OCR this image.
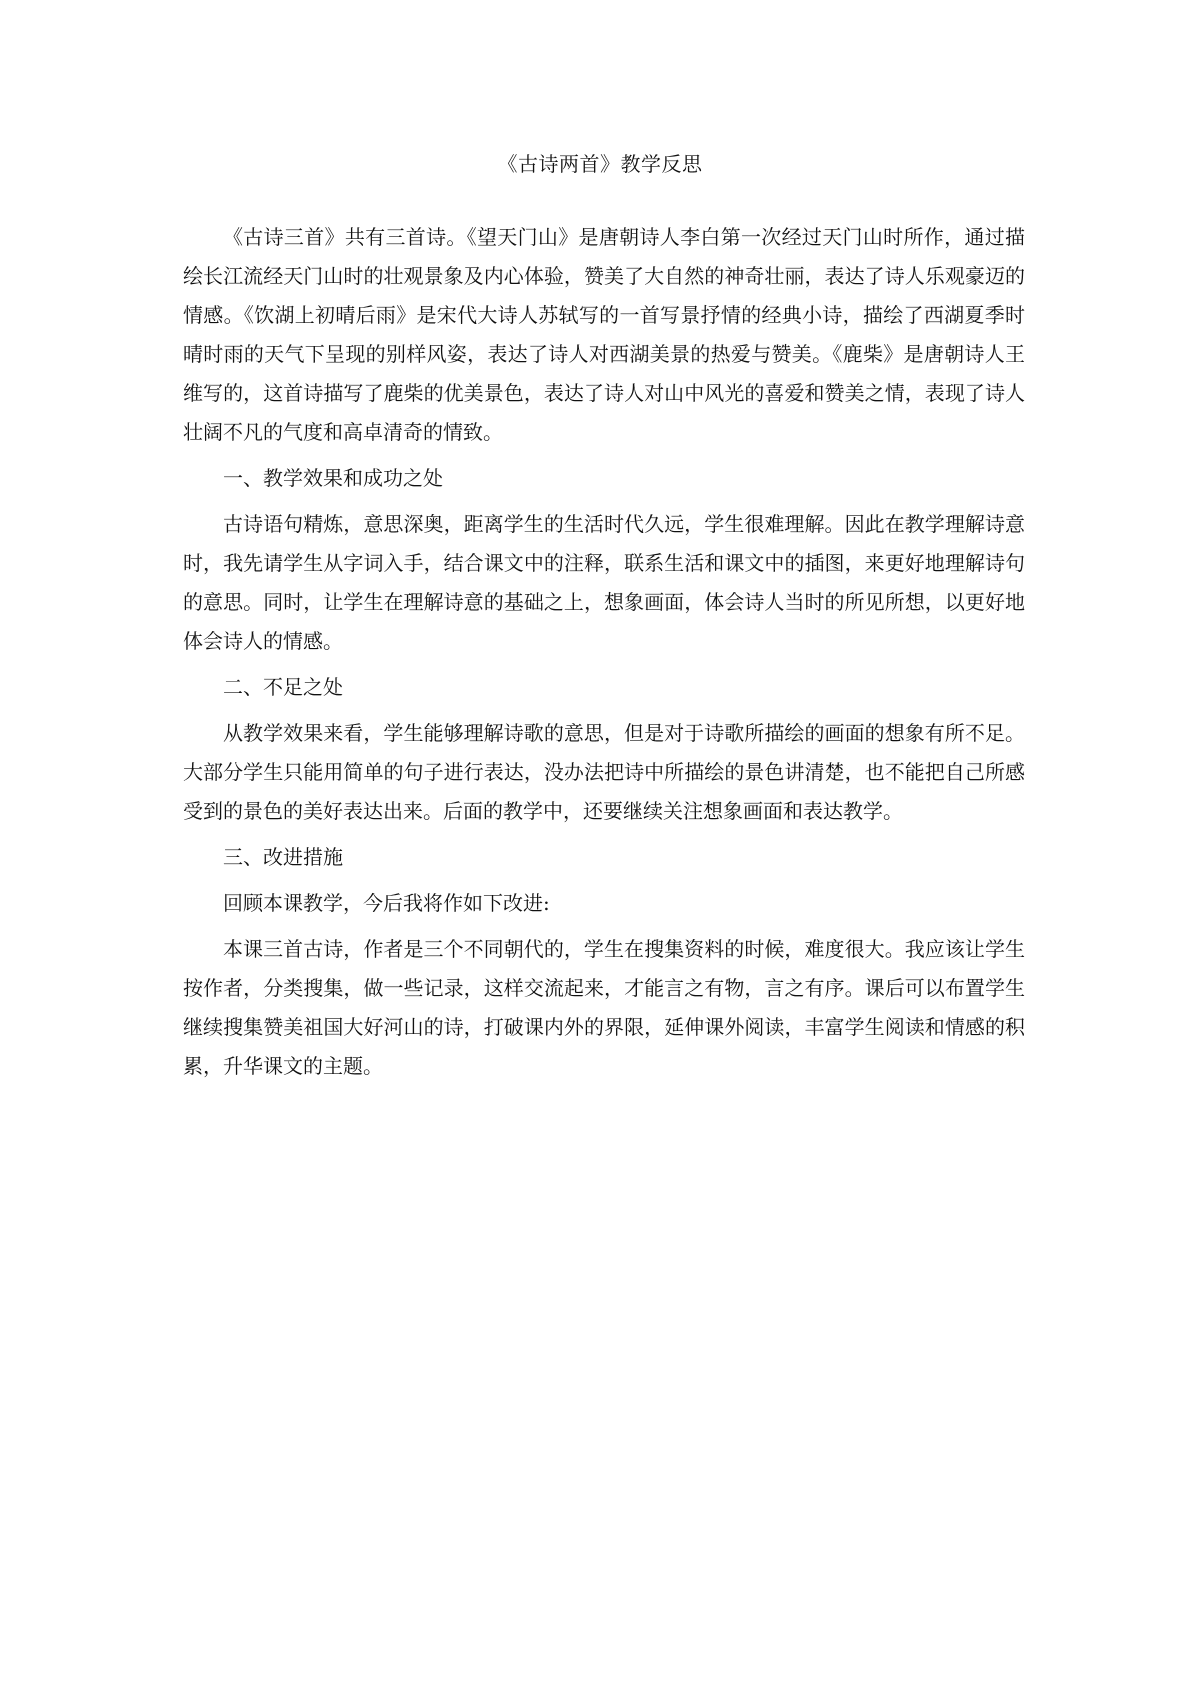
《古诗两首》教学反思

《古诗三首》共有三首诗。《望天门山》是唐朝诗人李白第一次经过天门山时所作，通过描绘长江流经天门山时的壮观景象及内心体验，赞美了大自然的神奇壮丽，表达了诗人乐观豪迈的情感。《饮湖上初晴后雨》是宋代大诗人苏轼写的一首写景抒情的经典小诗，描绘了西湖夏季时晴时雨的天气下呈现的别样风姿，表达了诗人对西湖美景的热爱与赞美。《鹿柴》是唐朝诗人王维写的，这首诗描写了鹿柴的优美景色，表达了诗人对山中风光的喜爱和赞美之情，表现了诗人壮阔不凡的气度和高卓清奇的情致。

一、教学效果和成功之处

古诗语句精炼，意思深奥，距离学生的生活时代久远，学生很难理解。因此在教学理解诗意时，我先请学生从字词入手，结合课文中的注释，联系生活和课文中的插图，来更好地理解诗句的意思。同时，让学生在理解诗意的基础之上，想象画面，体会诗人当时的所见所想，以更好地体会诗人的情感。

二、不足之处

从教学效果来看，学生能够理解诗歌的意思，但是对于诗歌所描绘的画面的想象有所不足。大部分学生只能用简单的句子进行表达，没办法把诗中所描绘的景色讲清楚，也不能把自己所感受到的景色的美好表达出来。后面的教学中，还要继续关注想象画面和表达教学。

三、改进措施

回顾本课教学，今后我将作如下改进:

本课三首古诗，作者是三个不同朝代的，学生在搜集资料的时候，难度很大。我应该让学生按作者，分类搜集，做一些记录，这样交流起来，才能言之有物，言之有序。课后可以布置学生继续搜集赞美祖国大好河山的诗，打破课内外的界限，延伸课外阅读，丰富学生阅读和情感的积累，升华课文的主题。
